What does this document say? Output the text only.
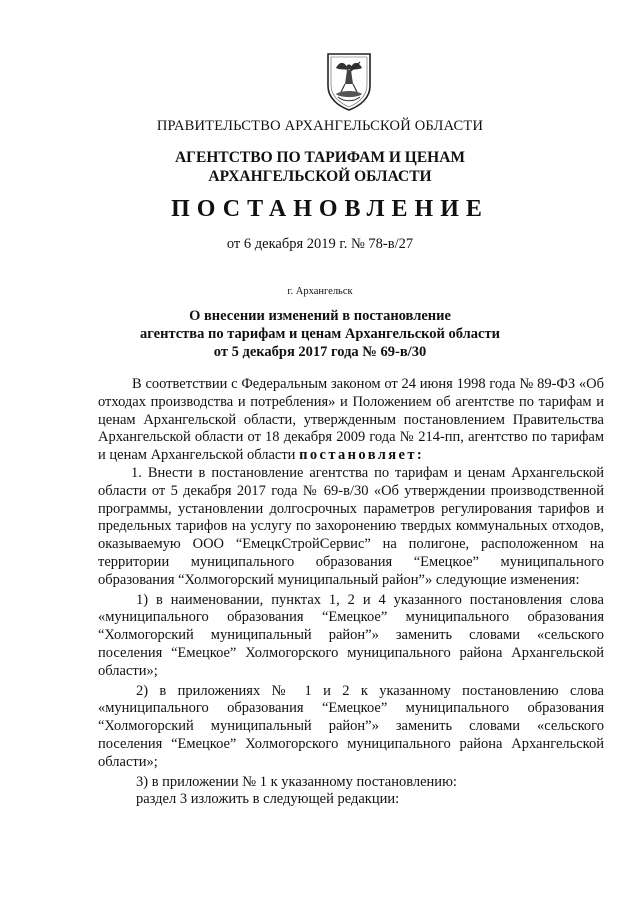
ПРАВИТЕЛЬСТВО АРХАНГЕЛЬСКОЙ ОБЛАСТИ
АГЕНТСТВО ПО ТАРИФАМ И ЦЕНАМ
АРХАНГЕЛЬСКОЙ ОБЛАСТИ
ПОСТАНОВЛЕНИЕ
от 6 декабря 2019 г. № 78-в/27
г. Архангельск
О внесении изменений в постановление
агентства по тарифам и ценам Архангельской области
от 5 декабря 2017 года № 69-в/30

В соответствии с Федеральным законом от 24 июня 1998 года № 89-ФЗ «Об отходах производства и потребления» и Положением об агентстве по тарифам и ценам Архангельской области, утвержденным постановлением Правительства Архангельской области от 18 декабря 2009 года № 214-пп, агентство по тарифам и ценам Архангельской области постановляет:

1. Внести в постановление агентства по тарифам и ценам Архангельской области от 5 декабря 2017 года № 69-в/30 «Об утверждении производственной программы, установлении долгосрочных параметров регулирования тарифов и предельных тарифов на услугу по захоронению твердых коммунальных отходов, оказываемую ООО “ЕмецкСтройСервис” на полигоне, расположенном на территории муниципального образования “Емецкое” муниципального образования “Холмогорский муниципальный район”» следующие изменения:

1) в наименовании, пунктах 1, 2 и 4 указанного постановления слова «муниципального образования “Емецкое” муниципального образования “Холмогорский муниципальный район”» заменить словами «сельского поселения “Емецкое” Холмогорского муниципального района Архангельской области»;

2) в приложениях № 1 и 2 к указанному постановлению слова «муниципального образования “Емецкое” муниципального образования “Холмогорский муниципальный район”» заменить словами «сельского поселения “Емецкое” Холмогорского муниципального района Архангельской области»;

3) в приложении № 1 к указанному постановлению:

раздел 3 изложить в следующей редакции:
